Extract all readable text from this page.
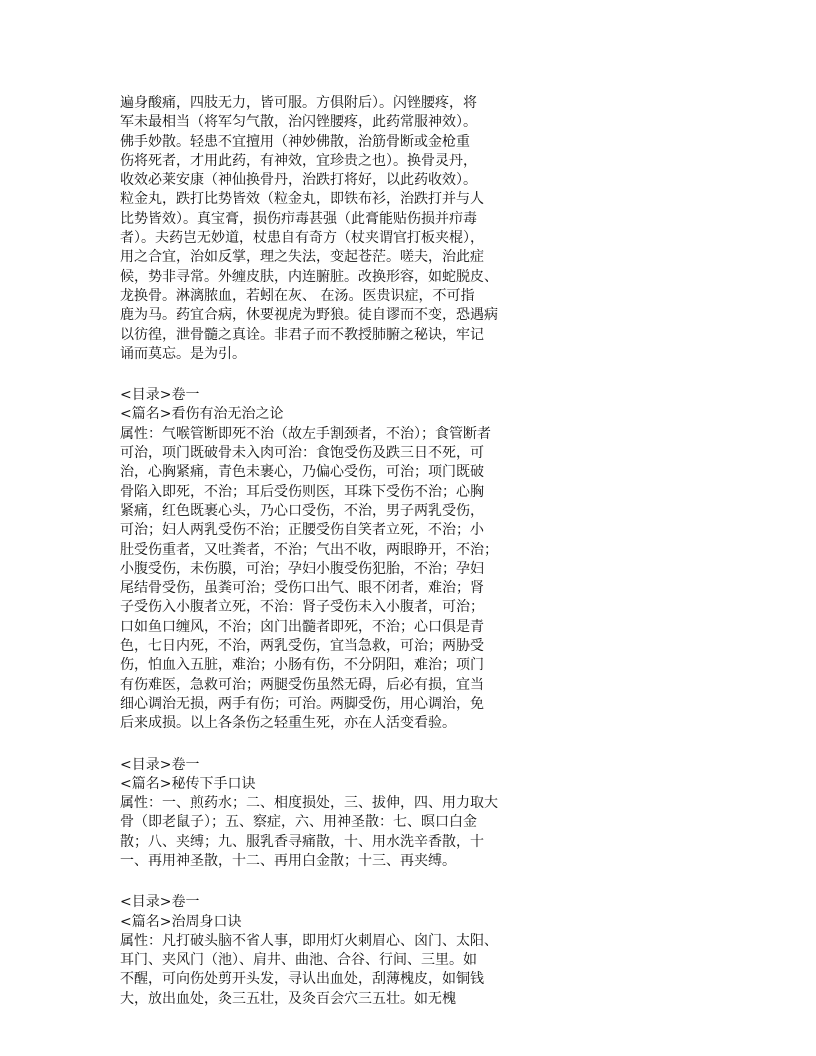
遍身酸痛，四肢无力，皆可服。方俱附后）。闪锉腰疼，将
军未最相当（将军匀气散，治闪锉腰疼，此药常服神效）。
佛手妙散。轻患不宜擅用（神妙佛散，治筋骨断或金枪重
伤将死者，才用此药，有神效，宜珍贵之也）。换骨灵丹，
收效必莱安康（神仙换骨丹，治跌打将好，以此药收效）。
粒金丸，跌打比势皆效（粒金丸，即铁布衫，治跌打并与人
比势皆效）。真宝膏，损伤疖毒甚强（此膏能贴伤损并疖毒
者）。夫药岂无妙道，杖患自有奇方（杖夹谓官打板夹棍），
用之合宜，治如反掌，理之失法，变起苍茫。嗟夫，治此症
候，势非寻常。外缠皮肤，内连腑脏。改换形容，如蛇脱皮、
龙换骨。淋漓脓血，若蚓在灰、 在汤。医贵识症，不可指
鹿为马。药宜合病，休要视虎为野狼。徒自谬而不变，恐遇病
以彷徨，泄骨髓之真诠。非君子而不教授肺腑之秘诀，牢记
诵而莫忘。是为引。
<目录>卷一
<篇名>看伤有治无治之论
属性：气喉管断即死不治（故左手割颈者，不治）；食管断者
可治，项门既破骨未入肉可治：食饱受伤及跌三日不死，可
治，心胸紧痛，青色未裹心，乃偏心受伤，可治；项门既破
骨陷入即死，不治；耳后受伤则医，耳珠下受伤不治；心胸
紧痛，红色既裹心头，乃心口受伤，不治，男子两乳受伤，
可治；妇人两乳受伤不治；正腰受伤自笑者立死，不治；小
肚受伤重者，又吐粪者，不治；气出不收，两眼睁开，不治；
小腹受伤，未伤膜，可治；孕妇小腹受伤犯胎，不治；孕妇
尾结骨受伤，虽粪可治；受伤口出气、眼不闭者，难治；肾
子受伤入小腹者立死，不治：肾子受伤未入小腹者，可治；
口如鱼口缠风，不治；囟门出髓者即死，不治；心口俱是青
色，七日内死，不治，两乳受伤，宜当急救，可治；两胁受
伤，怕血入五脏，难治；小肠有伤，不分阴阳，难治；项门
有伤难医，急救可治；两腿受伤虽然无碍，后必有损，宜当
细心调治无损，两手有伤；可治。两脚受伤，用心调治，免
后来成损。以上各条伤之轻重生死，亦在人活变看验。
<目录>卷一
<篇名>秘传下手口诀
属性：一、煎药水；二、相度损处，三、拔伸，四、用力取大
骨（即老鼠子）；五、察症，六、用神圣散：七、暝口白金
散；八、夹缚；九、服乳香寻痛散，十、用水洗辛香散，十
一、再用神圣散，十二、再用白金散；十三、再夹缚。
<目录>卷一
<篇名>治周身口诀
属性：凡打破头脑不省人事，即用灯火刺眉心、囟门、太阳、
耳门、夹风门（池）、肩井、曲池、合谷、行间、三里。如
不醒，可向伤处剪开头发，寻认出血处，刮薄槐皮，如铜钱
大，放出血处，灸三五壮，及灸百会穴三五壮。如无槐
